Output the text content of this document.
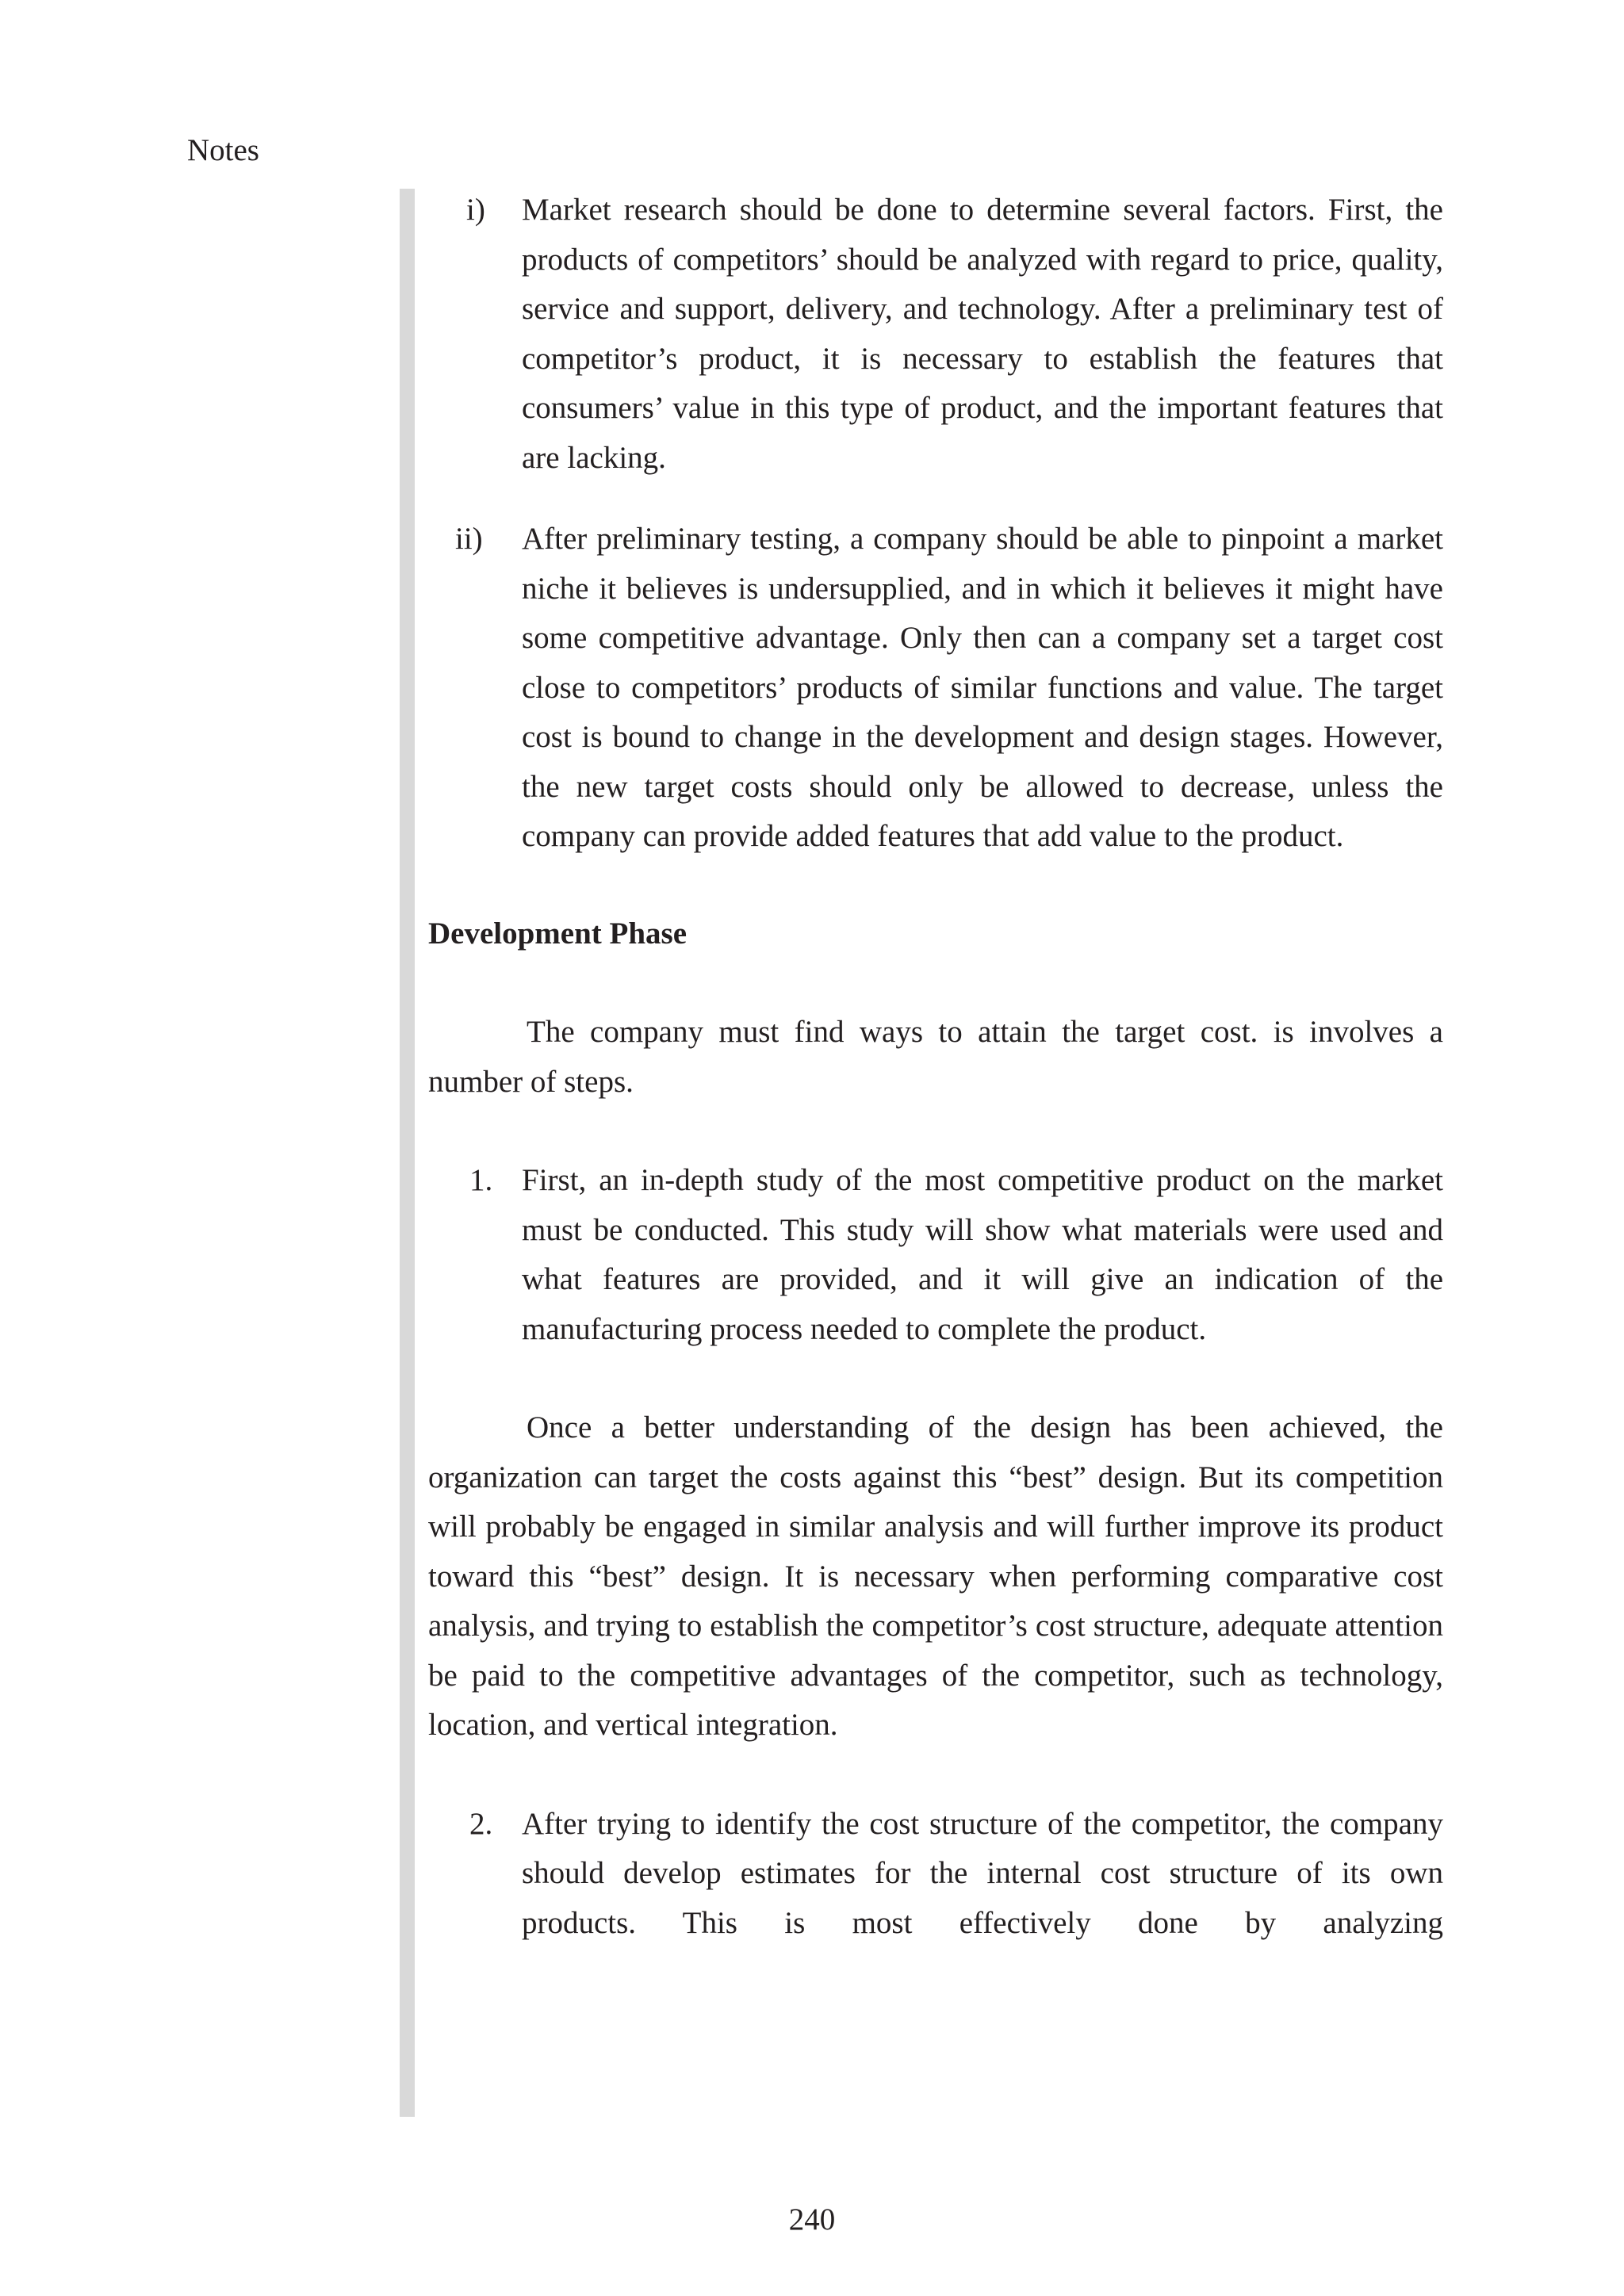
Notes
i)	Market research should be done to determine several factors. First, the products of competitors’ should be analyzed with regard to price, quality, service and support, delivery, and technology. After a preliminary test of competitor’s product, it is necessary to establish the features that consumers’ value in this type of product, and the important features that are lacking.
ii)	After preliminary testing, a company should be able to pinpoint a market niche it believes is undersupplied, and in which it believes it might have some competitive advantage. Only then can a company set a target cost close to competitors’ products of similar functions and value. The target cost is bound to change in the development and design stages. However, the new target costs should only be allowed to decrease, unless the company can provide added features that add value to the product.

Development Phase

The company must find ways to attain the target cost. is involves a number of steps.

1. First, an in-depth study of the most competitive product on the market must be conducted. This study will show what materials were used and what features are provided, and it will give an indication of the manufacturing process needed to complete the product.

Once a better understanding of the design has been achieved, the organization can target the costs against this “best” design. But its competition will probably be engaged in similar analysis and will further improve its product toward this “best” design. It is necessary when performing comparative cost analysis, and trying to establish the competitor’s cost structure, adequate attention be paid to the competitive advantages of the competitor, such as technology, location, and vertical integration.

2. After trying to identify the cost structure of the competitor, the company should develop estimates for the internal cost structure of its own products. This is most effectively done by analyzing
240
